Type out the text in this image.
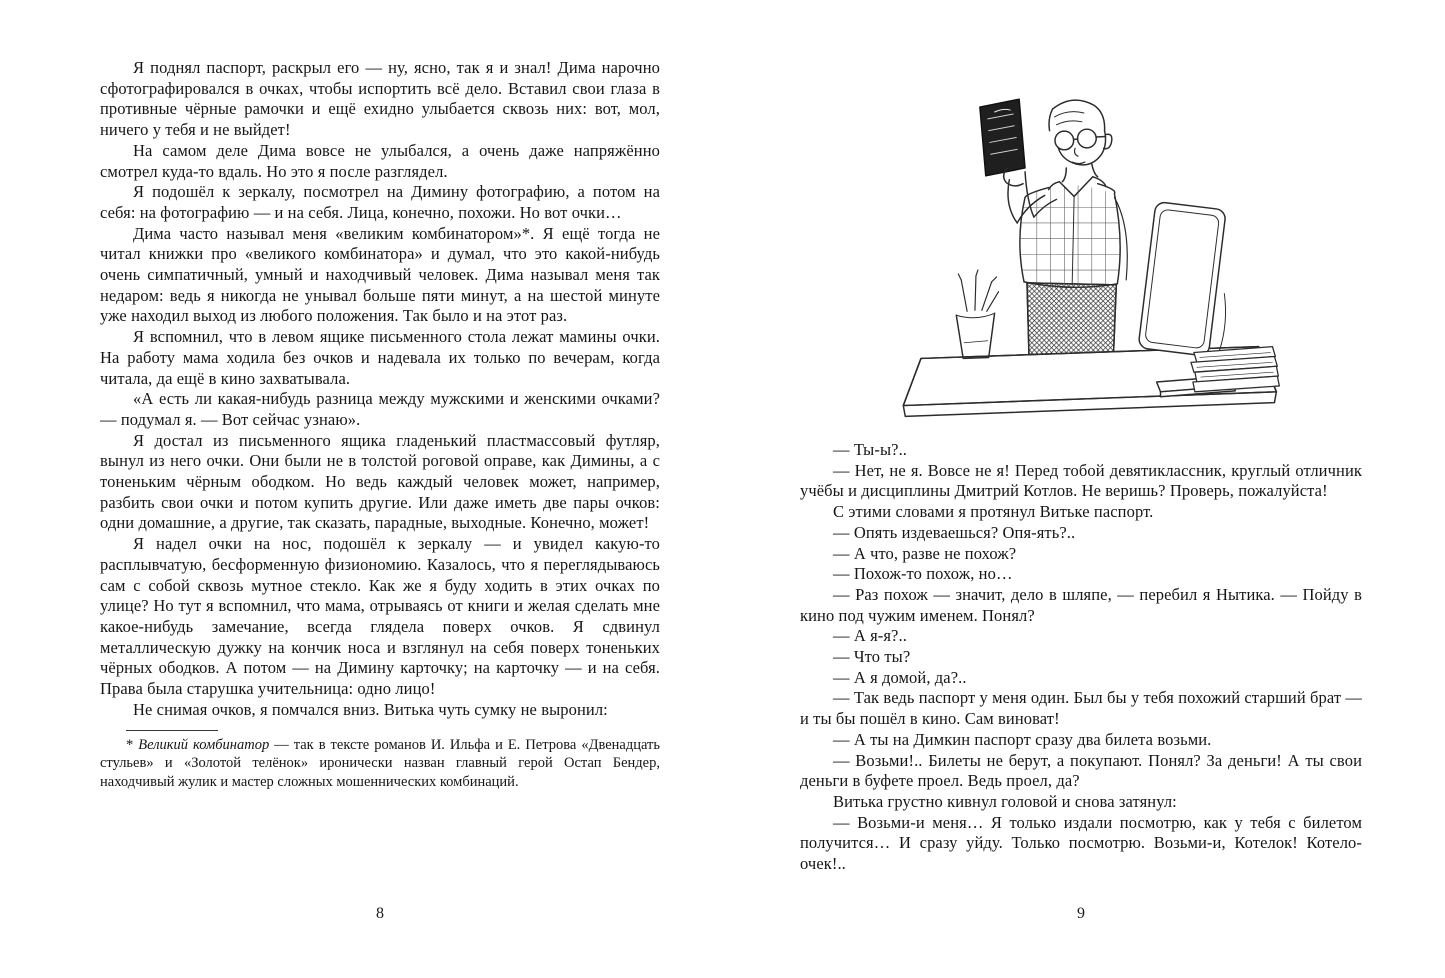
Я поднял паспорт, раскрыл его — ну, ясно, так я и знал! Дима нарочно сфотографировался в очках, чтобы испортить всё дело. Вставил свои глаза в противные чёрные рамочки и ещё ехидно улыбается сквозь них: вот, мол, ничего у тебя и не выйдет!

На самом деле Дима вовсе не улыбался, а очень даже напряжённо смотрел куда-то вдаль. Но это я после разглядел.

Я подошёл к зеркалу, посмотрел на Димину фотографию, а потом на себя: на фотографию — и на себя. Лица, конечно, похожи. Но вот очки…

Дима часто называл меня «великим комбинатором»*. Я ещё тогда не читал книжки про «великого комбинатора» и думал, что это какой-нибудь очень симпатичный, умный и находчивый человек. Дима называл меня так недаром: ведь я никогда не унывал больше пяти минут, а на шестой минуте уже находил выход из любого положения. Так было и на этот раз.

Я вспомнил, что в левом ящике письменного стола лежат мамины очки. На работу мама ходила без очков и надевала их только по вечерам, когда читала, да ещё в кино захватывала.

«А есть ли какая-нибудь разница между мужскими и женскими очками? — подумал я. — Вот сейчас узнаю».

Я достал из письменного ящика гладенький пластмассовый футляр, вынул из него очки. Они были не в толстой роговой оправе, как Димины, а с тоненьким чёрным ободком. Но ведь каждый человек может, например, разбить свои очки и потом купить другие. Или даже иметь две пары очков: одни домашние, а другие, так сказать, парадные, выходные. Конечно, может!

Я надел очки на нос, подошёл к зеркалу — и увидел какую-то расплывчатую, бесформенную физиономию. Казалось, что я переглядываюсь сам с собой сквозь мутное стекло. Как же я буду ходить в этих очках по улице? Но тут я вспомнил, что мама, отрываясь от книги и желая сделать мне какое-нибудь замечание, всегда глядела поверх очков. Я сдвинул металлическую дужку на кончик носа и взглянул на себя поверх тоненьких чёрных ободков. А потом — на Димину карточку; на карточку — и на себя. Права была старушка учительница: одно лицо!

Не снимая очков, я помчался вниз. Витька чуть сумку не выронил:

* Великий комбинатор — так в тексте романов И. Ильфа и Е. Петрова «Двенадцать стульев» и «Золотой телёнок» иронически назван главный герой Остап Бендер, находчивый жулик и мастер сложных мошеннических комбинаций.

8

— Ты-ы?..

— Нет, не я. Вовсе не я! Перед тобой девятиклассник, круглый отличник учёбы и дисциплины Дмитрий Котлов. Не веришь? Проверь, пожалуйста!

С этими словами я протянул Витьке паспорт.

— Опять издеваешься? Опя-ять?..

— А что, разве не похож?

— Похож-то похож, но…

— Раз похож — значит, дело в шляпе, — перебил я Нытика. — Пойду в кино под чужим именем. Понял?

— А я-я?..

— Что ты?

— А я домой, да?..

— Так ведь паспорт у меня один. Был бы у тебя похожий старший брат — и ты бы пошёл в кино. Сам виноват!

— А ты на Димкин паспорт сразу два билета возьми.

— Возьми!.. Билеты не берут, а покупают. Понял? За деньги! А ты свои деньги в буфете проел. Ведь проел, да?

Витька грустно кивнул головой и снова затянул:

— Возьми-и меня… Я только издали посмотрю, как у тебя с билетом получится… И сразу уйду. Только посмотрю. Возьми-и, Котелок! Котело-очек!..

9
